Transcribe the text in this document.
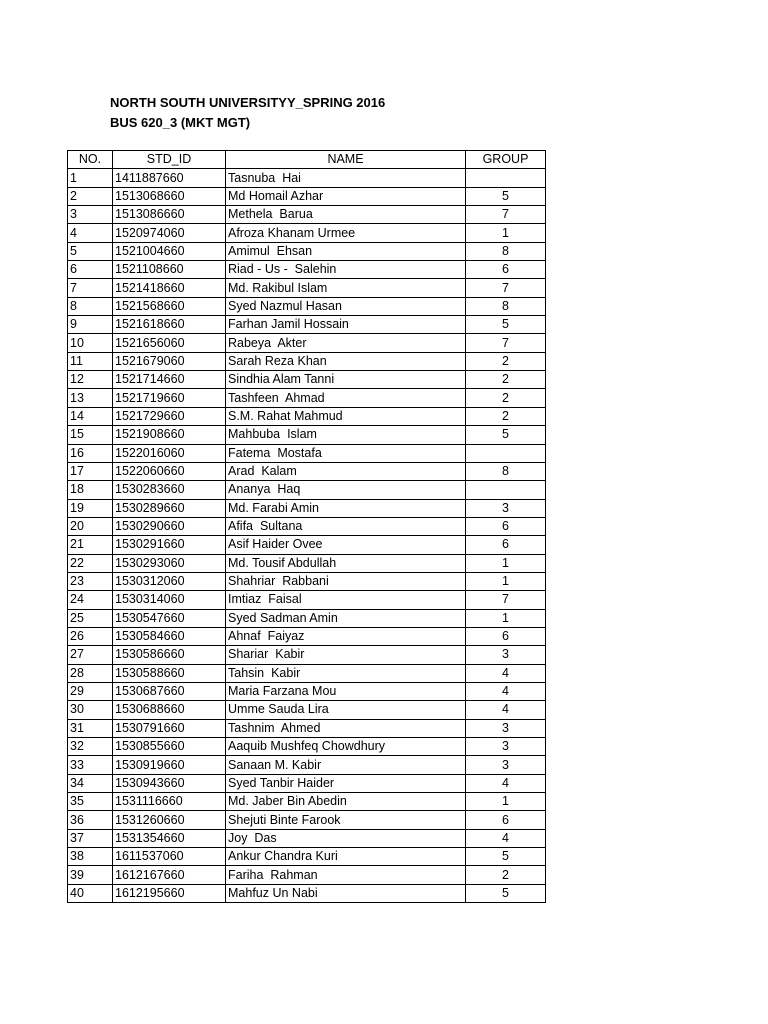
NORTH SOUTH UNIVERSITYY_SPRING 2016
BUS 620_3 (MKT MGT)
NO.	STD_ID	NAME	GROUP
1	1411887660	Tasnuba  Hai	
2	1513068660	Md Homail Azhar	5
3	1513086660	Methela  Barua	7
4	1520974060	Afroza Khanam Urmee	1
5	1521004660	Amimul  Ehsan	8
6	1521108660	Riad - Us -  Salehin	6
7	1521418660	Md. Rakibul Islam	7
8	1521568660	Syed Nazmul Hasan	8
9	1521618660	Farhan Jamil Hossain	5
10	1521656060	Rabeya  Akter	7
11	1521679060	Sarah Reza Khan	2
12	1521714660	Sindhia Alam Tanni	2
13	1521719660	Tashfeen  Ahmad	2
14	1521729660	S.M. Rahat Mahmud	2
15	1521908660	Mahbuba  Islam	5
16	1522016060	Fatema  Mostafa	
17	1522060660	Arad  Kalam	8
18	1530283660	Ananya  Haq	
19	1530289660	Md. Farabi Amin	3
20	1530290660	Afifa  Sultana	6
21	1530291660	Asif Haider Ovee	6
22	1530293060	Md. Tousif Abdullah	1
23	1530312060	Shahriar  Rabbani	1
24	1530314060	Imtiaz  Faisal	7
25	1530547660	Syed Sadman Amin	1
26	1530584660	Ahnaf  Faiyaz	6
27	1530586660	Shariar  Kabir	3
28	1530588660	Tahsin  Kabir	4
29	1530687660	Maria Farzana Mou	4
30	1530688660	Umme Sauda Lira	4
31	1530791660	Tashnim  Ahmed	3
32	1530855660	Aaquib Mushfeq Chowdhury	3
33	1530919660	Sanaan M. Kabir	3
34	1530943660	Syed Tanbir Haider	4
35	1531116660	Md. Jaber Bin Abedin	1
36	1531260660	Shejuti Binte Farook	6
37	1531354660	Joy  Das	4
38	1611537060	Ankur Chandra Kuri	5
39	1612167660	Fariha  Rahman	2
40	1612195660	Mahfuz Un Nabi	5
